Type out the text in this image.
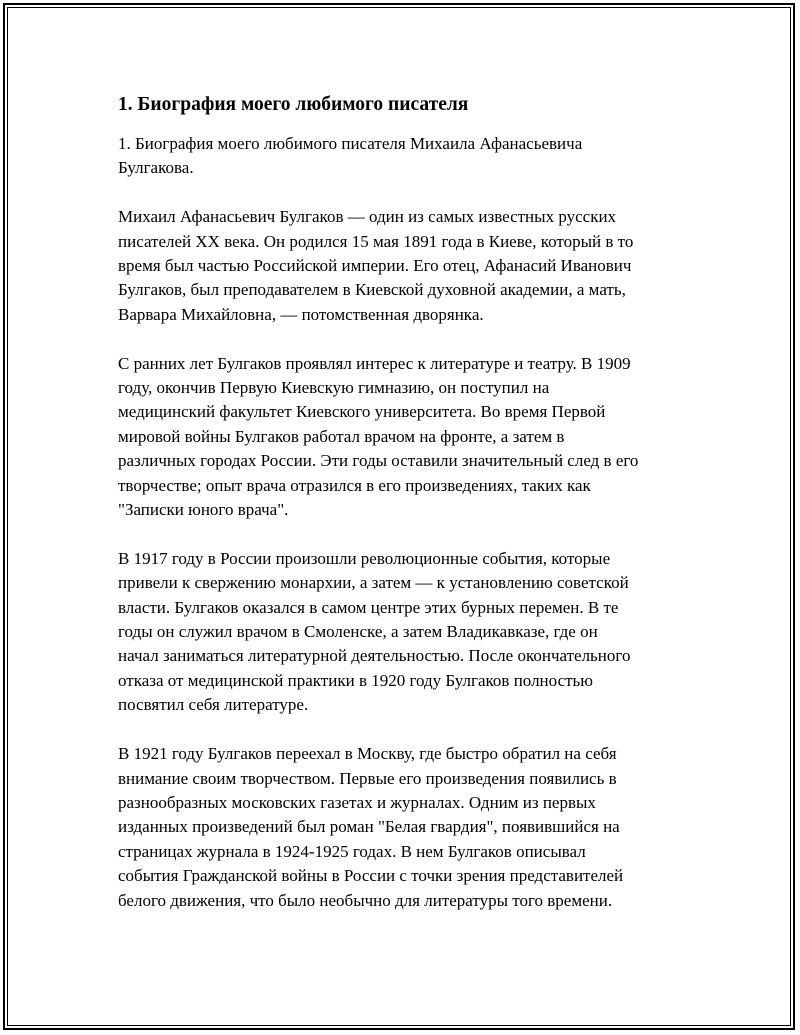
1. Биография моего любимого писателя
1. Биография моего любимого писателя Михаила Афанасьевича
Булгакова.
Михаил Афанасьевич Булгаков — один из самых известных русских
писателей XX века. Он родился 15 мая 1891 года в Киеве, который в то
время был частью Российской империи. Его отец, Афанасий Иванович
Булгаков, был преподавателем в Киевской духовной академии, а мать,
Варвара Михайловна, — потомственная дворянка.
С ранних лет Булгаков проявлял интерес к литературе и театру. В 1909
году, окончив Первую Киевскую гимназию, он поступил на
медицинский факультет Киевского университета. Во время Первой
мировой войны Булгаков работал врачом на фронте, а затем в
различных городах России. Эти годы оставили значительный след в его
творчестве; опыт врача отразился в его произведениях, таких как
"Записки юного врача".
В 1917 году в России произошли революционные события, которые
привели к свержению монархии, а затем — к установлению советской
власти. Булгаков оказался в самом центре этих бурных перемен. В те
годы он служил врачом в Смоленске, а затем Владикавказе, где он
начал заниматься литературной деятельностью. После окончательного
отказа от медицинской практики в 1920 году Булгаков полностью
посвятил себя литературе.
В 1921 году Булгаков переехал в Москву, где быстро обратил на себя
внимание своим творчеством. Первые его произведения появились в
разнообразных московских газетах и журналах. Одним из первых
изданных произведений был роман "Белая гвардия", появившийся на
страницах журнала в 1924-1925 годах. В нем Булгаков описывал
события Гражданской войны в России с точки зрения представителей
белого движения, что было необычно для литературы того времени.
